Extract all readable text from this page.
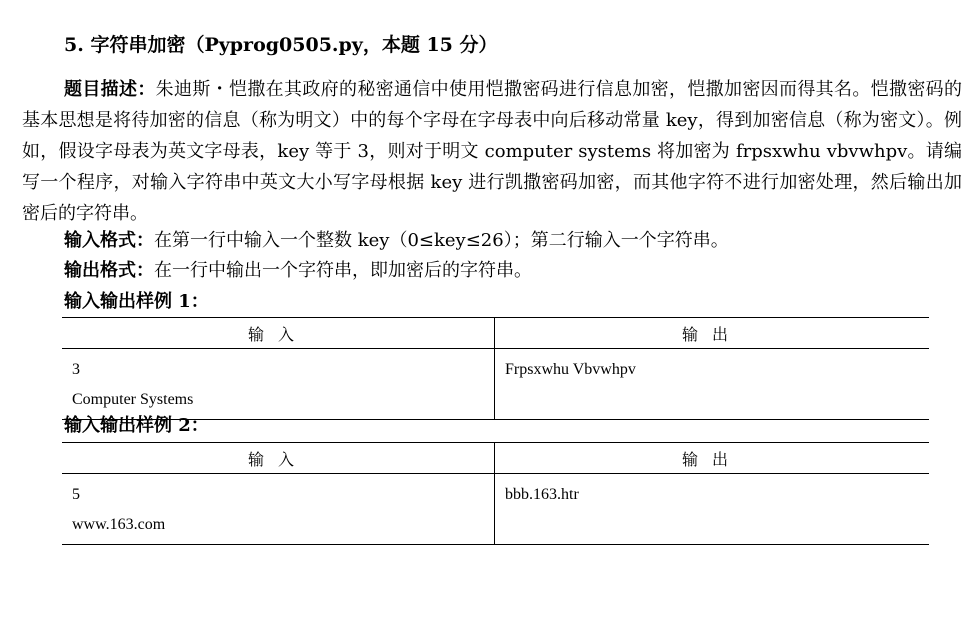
5. 字符串加密（Pyprog0505.py，本题 15 分）
题目描述：朱迪斯・恺撒在其政府的秘密通信中使用恺撒密码进行信息加密，恺撒加密因而得其名。恺撒密码的基本思想是将待加密的信息（称为明文）中的每个字母在字母表中向后移动常量 key，得到加密信息（称为密文）。例如，假设字母表为英文字母表，key 等于 3，则对于明文 computer systems 将加密为 frpsxwhu vbvwhpv。请编写一个程序，对输入字符串中英文大小写字母根据 key 进行凯撒密码加密，而其他字符不进行加密处理，然后输出加密后的字符串。
输入格式：在第一行中输入一个整数 key（0≤key≤26）；第二行输入一个字符串。
输出格式：在一行中输出一个字符串，即加密后的字符串。
输入输出样例 1：
输入	输出

3
Computer Systems	Frpsxwhu Vbvwhpv
输入输出样例 2：
输入	输出

5
www.163.com	bbb.163.htr
